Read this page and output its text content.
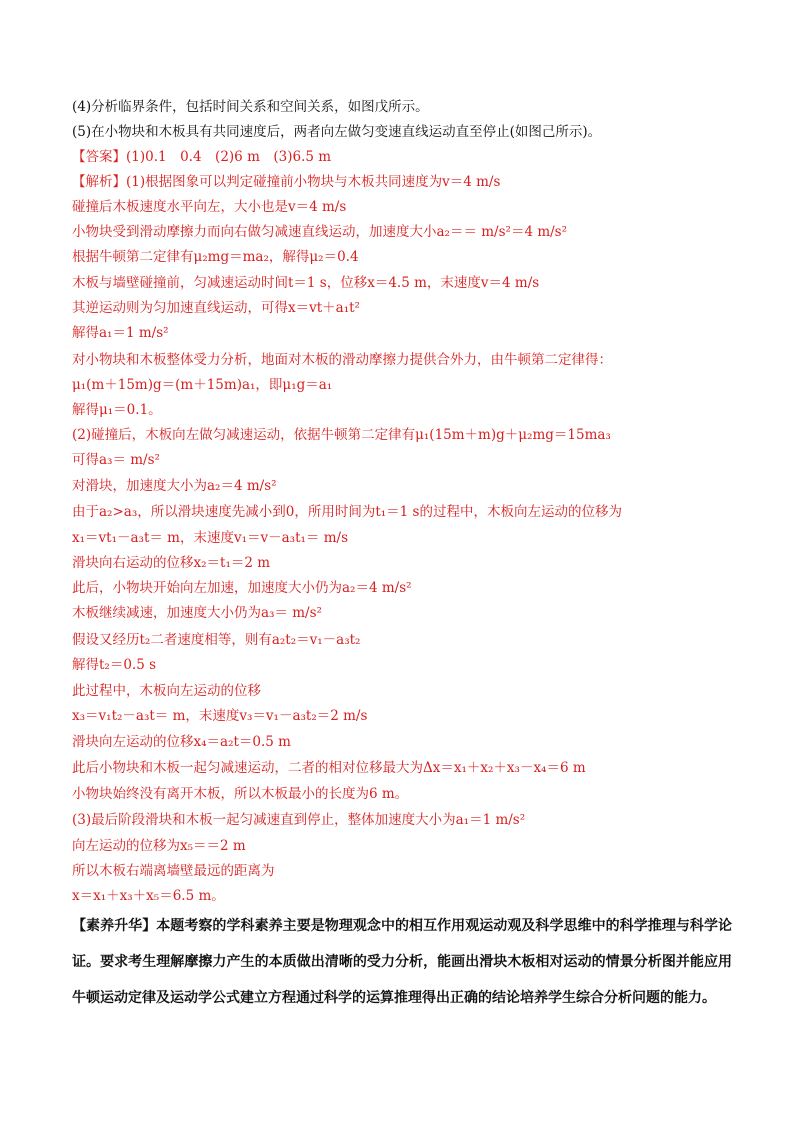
(4)分析临界条件，包括时间关系和空间关系，如图戊所示。
(5)在小物块和木板具有共同速度后，两者向左做匀变速直线运动直至停止(如图己所示)。
【答案】(1)0.1　0.4　(2)6 m　(3)6.5 m
【解析】(1)根据图象可以判定碰撞前小物块与木板共同速度为v＝4 m/s
碰撞后木板速度水平向左，大小也是v＝4 m/s
小物块受到滑动摩擦力而向右做匀减速直线运动，加速度大小a₂＝＝ m/s²＝4 m/s²
根据牛顿第二定律有μ₂mg＝ma₂，解得μ₂＝0.4
木板与墙壁碰撞前，匀减速运动时间t＝1 s，位移x＝4.5 m，末速度v＝4 m/s
其逆运动则为匀加速直线运动，可得x＝vt＋a₁t²
解得a₁＝1 m/s²
对小物块和木板整体受力分析，地面对木板的滑动摩擦力提供合外力，由牛顿第二定律得：
μ₁(m＋15m)g＝(m＋15m)a₁，即μ₁g＝a₁
解得μ₁＝0.1。
(2)碰撞后，木板向左做匀减速运动，依据牛顿第二定律有μ₁(15m＋m)g＋μ₂mg＝15ma₃
可得a₃＝ m/s²
对滑块，加速度大小为a₂＝4 m/s²
由于a₂>a₃，所以滑块速度先减小到0，所用时间为t₁＝1 s的过程中，木板向左运动的位移为
x₁＝vt₁－a₃t＝ m，末速度v₁＝v－a₃t₁＝ m/s
滑块向右运动的位移x₂＝t₁＝2 m
此后，小物块开始向左加速，加速度大小仍为a₂＝4 m/s²
木板继续减速，加速度大小仍为a₃＝ m/s²
假设又经历t₂二者速度相等，则有a₂t₂＝v₁－a₃t₂
解得t₂＝0.5 s
此过程中，木板向左运动的位移
x₃＝v₁t₂－a₃t＝ m，末速度v₃＝v₁－a₃t₂＝2 m/s
滑块向左运动的位移x₄＝a₂t＝0.5 m
此后小物块和木板一起匀减速运动，二者的相对位移最大为Δx＝x₁＋x₂＋x₃－x₄＝6 m
小物块始终没有离开木板，所以木板最小的长度为6 m。
(3)最后阶段滑块和木板一起匀减速直到停止，整体加速度大小为a₁＝1 m/s²
向左运动的位移为x₅＝＝2 m
所以木板右端离墙壁最远的距离为
x＝x₁＋x₃＋x₅＝6.5 m。
【素养升华】本题考察的学科素养主要是物理观念中的相互作用观运动观及科学思维中的科学推理与科学论证。要求考生理解摩擦力产生的本质做出清晰的受力分析，能画出滑块木板相对运动的情景分析图并能应用牛顿运动定律及运动学公式建立方程通过科学的运算推理得出正确的结论培养学生综合分析问题的能力。
